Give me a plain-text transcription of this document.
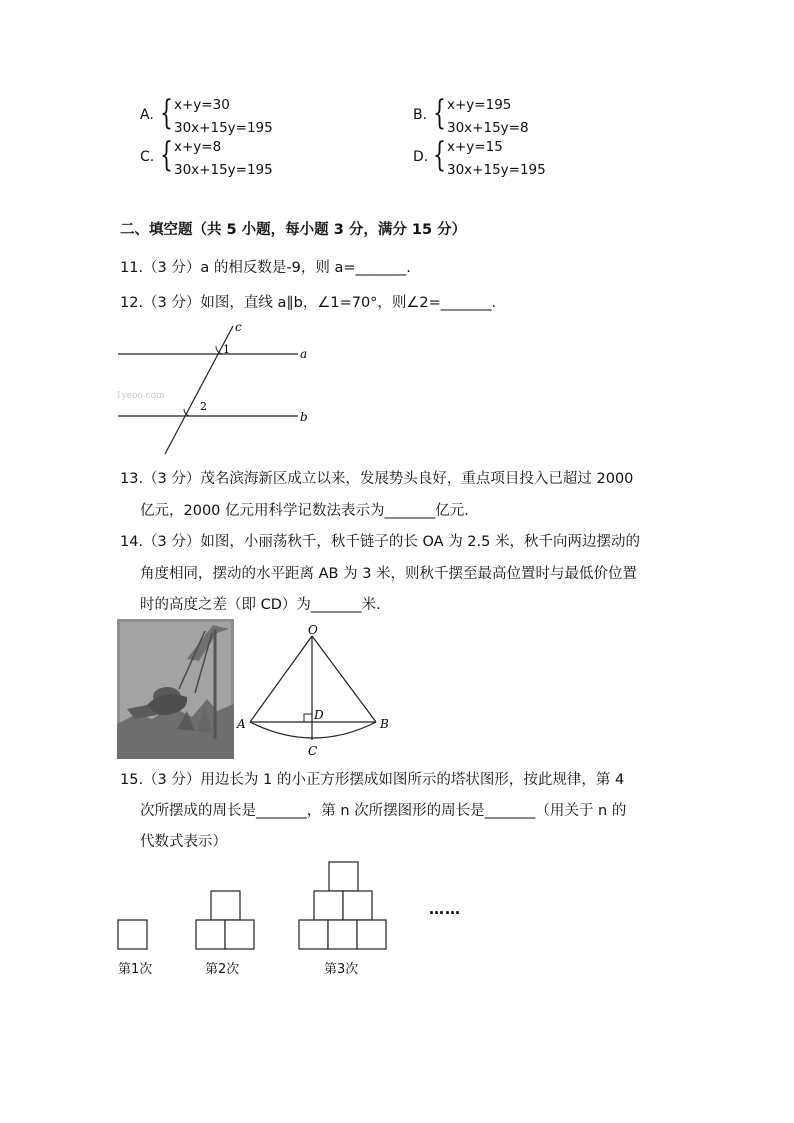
A. { x+y=30
30x+15y=195
B. { x+y=195
30x+15y=8
C. { x+y=8
30x+15y=195
D. { x+y=15
30x+15y=195
二、填空题（共 5 小题，每小题 3 分，满分 15 分）
11.（3 分）a 的相反数是-9，则 a=_______.
12.（3 分）如图，直线 a∥b，∠1=70°，则∠2=_______.
c
a
b
1
2
1yeoo.com
13.（3 分）茂名滨海新区成立以来，发展势头良好，重点项目投入已超过 2000
亿元，2000 亿元用科学记数法表示为_______亿元.
14.（3 分）如图，小丽荡秋千，秋千链子的长 OA 为 2.5 米，秋千向两边摆动的
角度相同，摆动的水平距离 AB 为 3 米，则秋千摆至最高位置时与最低价位置
时的高度之差（即 CD）为_______米.
O
A	B
C
D
15.（3 分）用边长为 1 的小正方形摆成如图所示的塔状图形，按此规律，第 4
次所摆成的周长是_______，第 n 次所摆图形的周长是_______（用关于 n 的
代数式表示）
……
第1次	第2次	第3次
